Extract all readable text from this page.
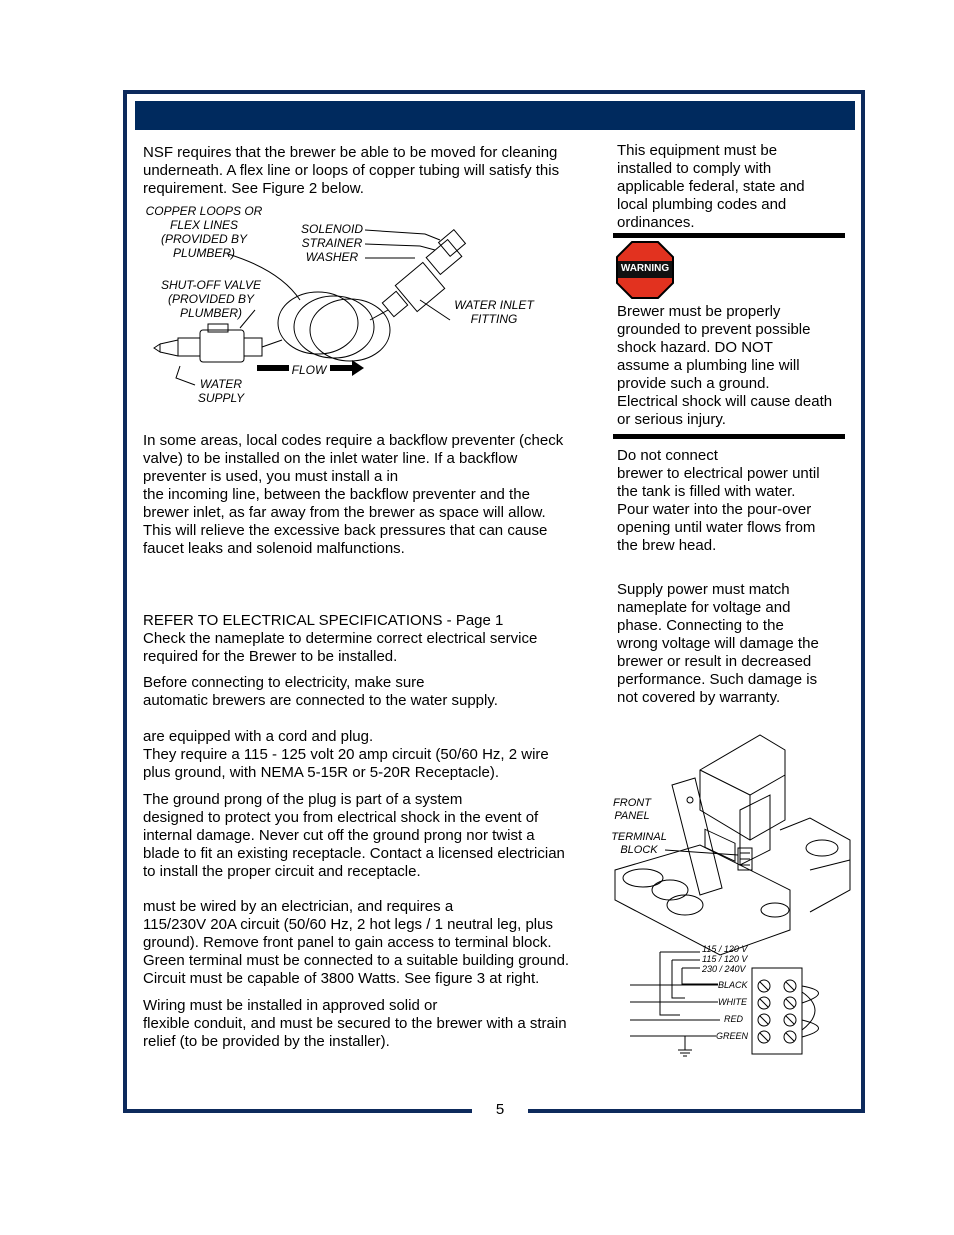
5
NSF requires that the brewer be able to be moved for cleaning
underneath. A flex line or loops of copper tubing will satisfy this
requirement. See Figure 2 below.
In some areas, local codes require a backflow preventer (check
valve) to be installed on the inlet water line. If a backflow
preventer is used, you must install a in
the incoming line, between the backflow preventer and the
brewer inlet, as far away from the brewer as space will allow.
This will relieve the excessive back pressures that can cause
faucet leaks and solenoid malfunctions.
REFER TO ELECTRICAL SPECIFICATIONS - Page 1
Check the nameplate to determine correct electrical service
required for the Brewer to be installed.
Before connecting to electricity, make sure
automatic brewers are connected to the water supply.
are equipped with a cord and plug.
They require a 115 - 125 volt 20 amp circuit (50/60 Hz, 2 wire
plus ground, with NEMA 5-15R or 5-20R Receptacle).
The ground prong of the plug is part of a system
designed to protect you from electrical shock in the event of
internal damage. Never cut off the ground prong nor twist a
blade to fit an existing receptacle. Contact a licensed electrician
to install the proper circuit and receptacle.
must be wired by an electrician, and requires a
115/230V 20A circuit (50/60 Hz, 2 hot legs / 1 neutral leg, plus
ground). Remove front panel to gain access to terminal block.
Green terminal must be connected to a suitable building ground.
Circuit must be capable of 3800 Watts. See figure 3 at right.
Wiring must be installed in approved solid or
flexible conduit, and must be secured to the brewer with a strain
relief (to be provided by the installer).
This equipment must be
installed to comply with
applicable federal, state and
local plumbing codes and
ordinances.
WARNING
Brewer must be properly
grounded to prevent possible
shock hazard. DO NOT
assume a plumbing line will
provide such a ground.
Electrical shock will cause death
or serious injury.
Do not connect
brewer to electrical power until
the tank is filled with water.
Pour water into the pour-over
opening until water flows from
the brew head.
Supply power must match
nameplate for voltage and
phase. Connecting to the
wrong voltage will damage the
brewer or result in decreased
performance. Such damage is
not covered by warranty.
COPPER LOOPS OR
FLEX LINES
(PROVIDED BY
PLUMBER)
SOLENOID
STRAINER
WASHER
SHUT-OFF VALVE
(PROVIDED BY
PLUMBER)
WATER INLET
FITTING
FLOW
WATER
SUPPLY
FRONT
PANEL
TERMINAL
BLOCK
115 / 120 V
115 / 120 V
230 / 240V
BLACK
WHITE
RED
GREEN
